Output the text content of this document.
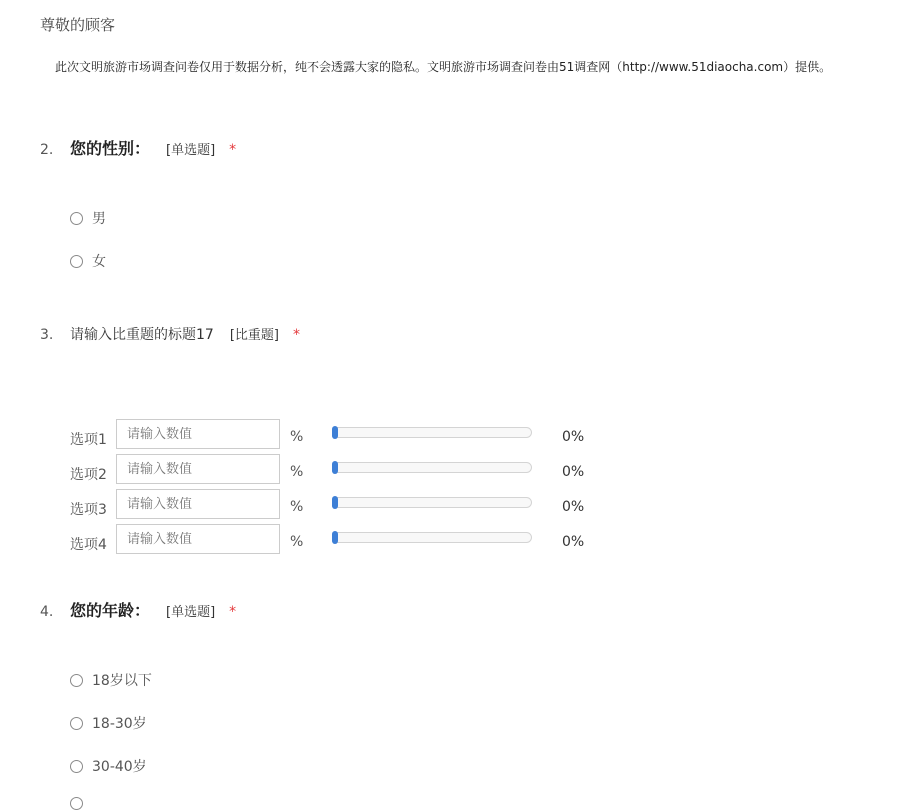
尊敬的顾客
此次文明旅游市场调查问卷仅用于数据分析，纯不会透露大家的隐私。文明旅游市场调查问卷由51调查网（http://www.51diaocha.com）提供。
2.	您的性别： [单选题] *
男
女
3.	请输入比重题的标题17 [比重题] *
选项1
请输入数值	%	0%
选项2
请输入数值	%	0%
选项3
请输入数值	%	0%
选项4
请输入数值	%	0%
4.	您的年龄： [单选题] *
18岁以下
18-30岁
30-40岁
